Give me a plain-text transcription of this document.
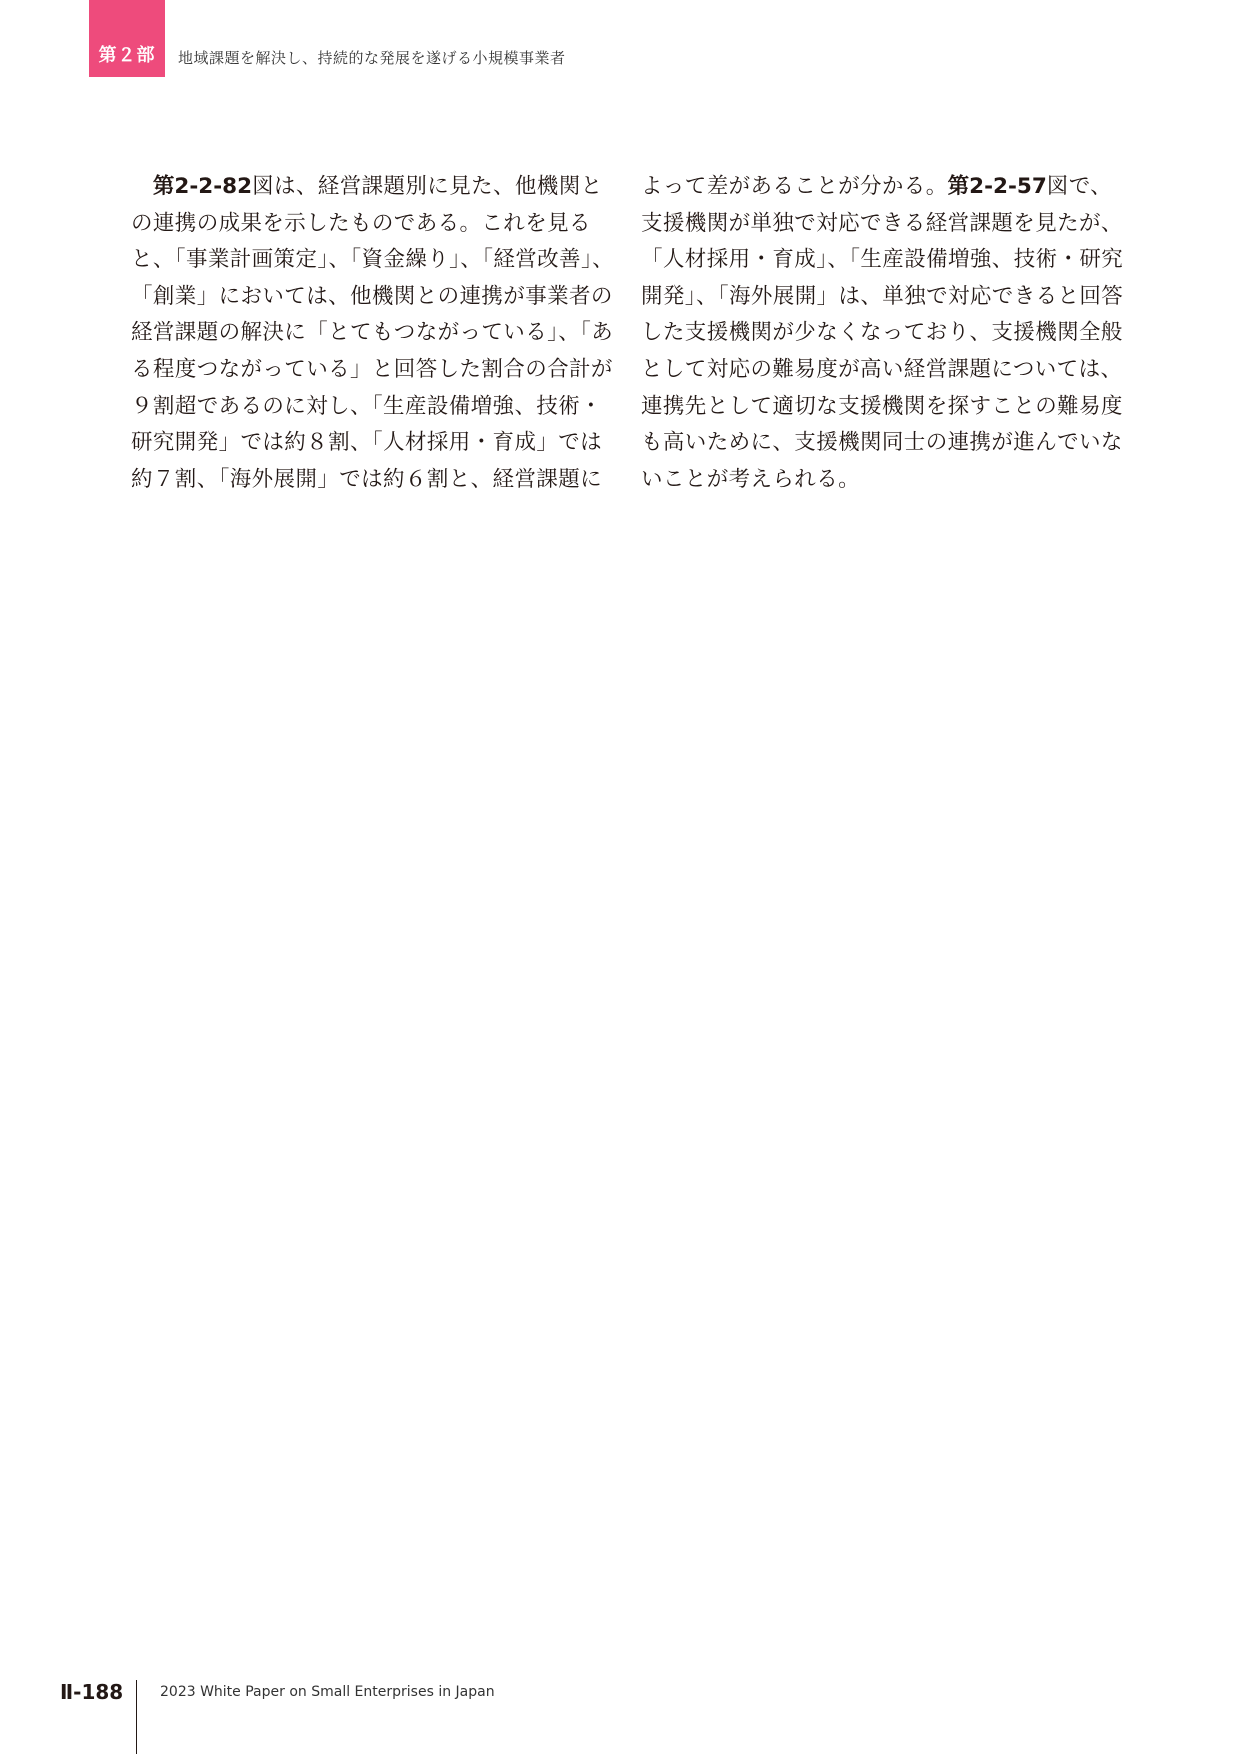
第２部 地域課題を解決し、持続的な発展を遂げる小規模事業者
　第2-2-82図は、経営課題別に見た、他機関と
の連携の成果を示したものである。これを見る
と、「事業計画策定」、「資金繰り」、「経営改善」、
「創業」においては、他機関との連携が事業者の
経営課題の解決に「とてもつながっている」、「あ
る程度つながっている」と回答した割合の合計が
９割超であるのに対し、「生産設備増強、技術・
研究開発」では約８割、「人材採用・育成」では
約７割、「海外展開」では約６割と、経営課題に
よって差があることが分かる。第2-2-57図で、
支援機関が単独で対応できる経営課題を見たが、
「人材採用・育成」、「生産設備増強、技術・研究
開発」、「海外展開」は、単独で対応できると回答
した支援機関が少なくなっており、支援機関全般
として対応の難易度が高い経営課題については、
連携先として適切な支援機関を探すことの難易度
も高いために、支援機関同士の連携が進んでいな
いことが考えられる。
Ⅱ-188	2023 White Paper on Small Enterprises in Japan
